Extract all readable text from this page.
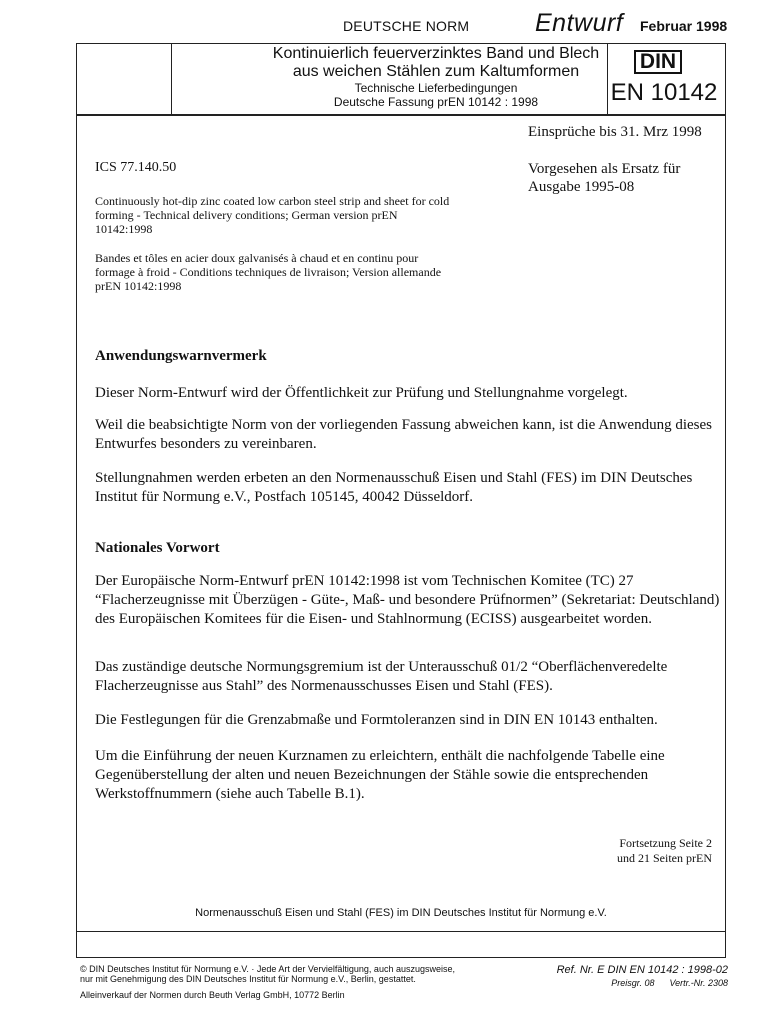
DEUTSCHE NORM	Entwurf Februar 1998
Kontinuierlich feuerverzinktes Band und Blech
aus weichen Stählen zum Kaltumformen
Technische Lieferbedingungen
Deutsche Fassung prEN 10142 : 1998
DIN
EN 10142
Einsprüche bis 31. Mrz 1998
ICS 77.140.50	Vorgesehen als Ersatz für
Ausgabe 1995-08
Continuously hot-dip zinc coated low carbon steel strip and sheet for cold forming - Technical delivery conditions; German version prEN 10142:1998
Bandes et tôles en acier doux galvanisés à chaud et en continu pour formage à froid - Conditions techniques de livraison; Version allemande prEN 10142:1998
Anwendungswarnvermerk
Dieser Norm-Entwurf wird der Öffentlichkeit zur Prüfung und Stellungnahme vorgelegt.
Weil die beabsichtigte Norm von der vorliegenden Fassung abweichen kann, ist die Anwendung dieses Entwurfes besonders zu vereinbaren.
Stellungnahmen werden erbeten an den Normenausschuß Eisen und Stahl (FES) im DIN Deutsches Institut für Normung e.V., Postfach 105145, 40042 Düsseldorf.
Nationales Vorwort
Der Europäische Norm-Entwurf prEN 10142:1998 ist vom Technischen Komitee (TC) 27 “Flacherzeugnisse mit Überzügen - Güte-, Maß- und besondere Prüfnormen” (Sekretariat: Deutschland) des Europäischen Komitees für die Eisen- und Stahlnormung (ECISS) ausgearbeitet worden.
Das zuständige deutsche Normungsgremium ist der Unterausschuß 01/2 “Oberflächenveredelte Flacherzeugnisse aus Stahl” des Normenausschusses Eisen und Stahl (FES).
Die Festlegungen für die Grenzabmaße und Formtoleranzen sind in DIN EN 10143 enthalten.
Um die Einführung der neuen Kurznamen zu erleichtern, enthält die nachfolgende Tabelle eine Gegenüberstellung der alten und neuen Bezeichnungen der Stähle sowie die entsprechenden Werkstoffnummern (siehe auch Tabelle B.1).
Fortsetzung Seite 2
und 21 Seiten prEN
Normenausschuß Eisen und Stahl (FES) im DIN Deutsches Institut für Normung e.V.
© DIN Deutsches Institut für Normung e.V. · Jede Art der Vervielfältigung, auch auszugsweise,
nur mit Genehmigung des DIN Deutsches Institut für Normung e.V., Berlin, gestattet.
Alleinverkauf der Normen durch Beuth Verlag GmbH, 10772 Berlin
Ref. Nr. E DIN EN 10142 : 1998-02
Preisgr. 08 Vertr.-Nr. 2308
